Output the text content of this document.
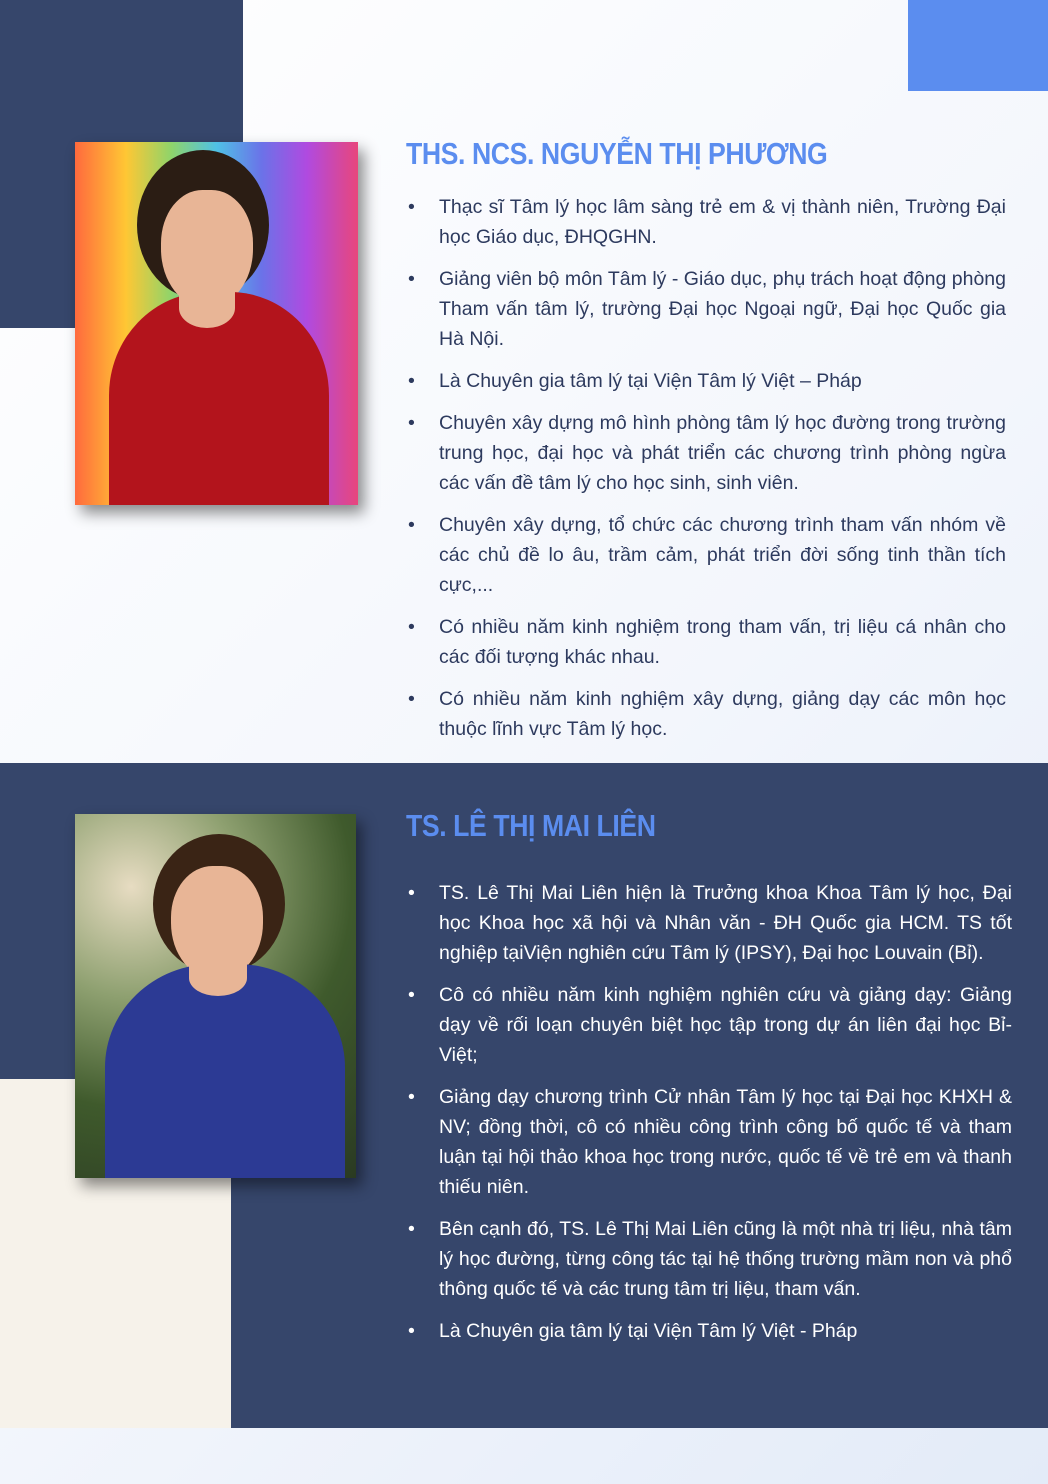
THS. NCS. NGUYỄN THỊ PHƯƠNG
• Thạc sĩ Tâm lý học lâm sàng trẻ em & vị thành niên, Trường Đại học Giáo dục, ĐHQGHN.
• Giảng viên bộ môn Tâm lý - Giáo dục, phụ trách hoạt động phòng Tham vấn tâm lý, trường Đại học Ngoại ngữ, Đại học Quốc gia Hà Nội.
• Là Chuyên gia tâm lý tại Viện Tâm lý Việt – Pháp
• Chuyên xây dựng mô hình phòng tâm lý học đường trong trường trung học, đại học và phát triển các chương trình phòng ngừa các vấn đề tâm lý cho học sinh, sinh viên.
• Chuyên xây dựng, tổ chức các chương trình tham vấn nhóm về các chủ đề lo âu, trầm cảm, phát triển đời sống tinh thần tích cực,...
• Có nhiều năm kinh nghiệm trong tham vấn, trị liệu cá nhân cho các đối tượng khác nhau.
• Có nhiều năm kinh nghiệm xây dựng, giảng dạy các môn học thuộc lĩnh vực Tâm lý học.
TS. LÊ THỊ MAI LIÊN
• TS. Lê Thị Mai Liên hiện là Trưởng khoa Khoa Tâm lý học, Đại học Khoa học xã hội và Nhân văn - ĐH Quốc gia HCM. TS tốt nghiệp tạiViện nghiên cứu Tâm lý (IPSY), Đại học Louvain (Bỉ).
• Cô có nhiều năm kinh nghiệm nghiên cứu và giảng dạy: Giảng dạy về rối loạn chuyên biệt học tập trong dự án liên đại học Bỉ-Việt;
• Giảng dạy chương trình Cử nhân Tâm lý học tại Đại học KHXH & NV; đồng thời, cô có nhiều công trình công bố quốc tế và tham luận tại hội thảo khoa học trong nước, quốc tế về trẻ em và thanh thiếu niên.
• Bên cạnh đó, TS. Lê Thị Mai Liên cũng là một nhà trị liệu, nhà tâm lý học đường, từng công tác tại hệ thống trường mầm non và phổ thông quốc tế và các trung tâm trị liệu, tham vấn.
• Là Chuyên gia tâm lý tại Viện Tâm lý Việt - Pháp
